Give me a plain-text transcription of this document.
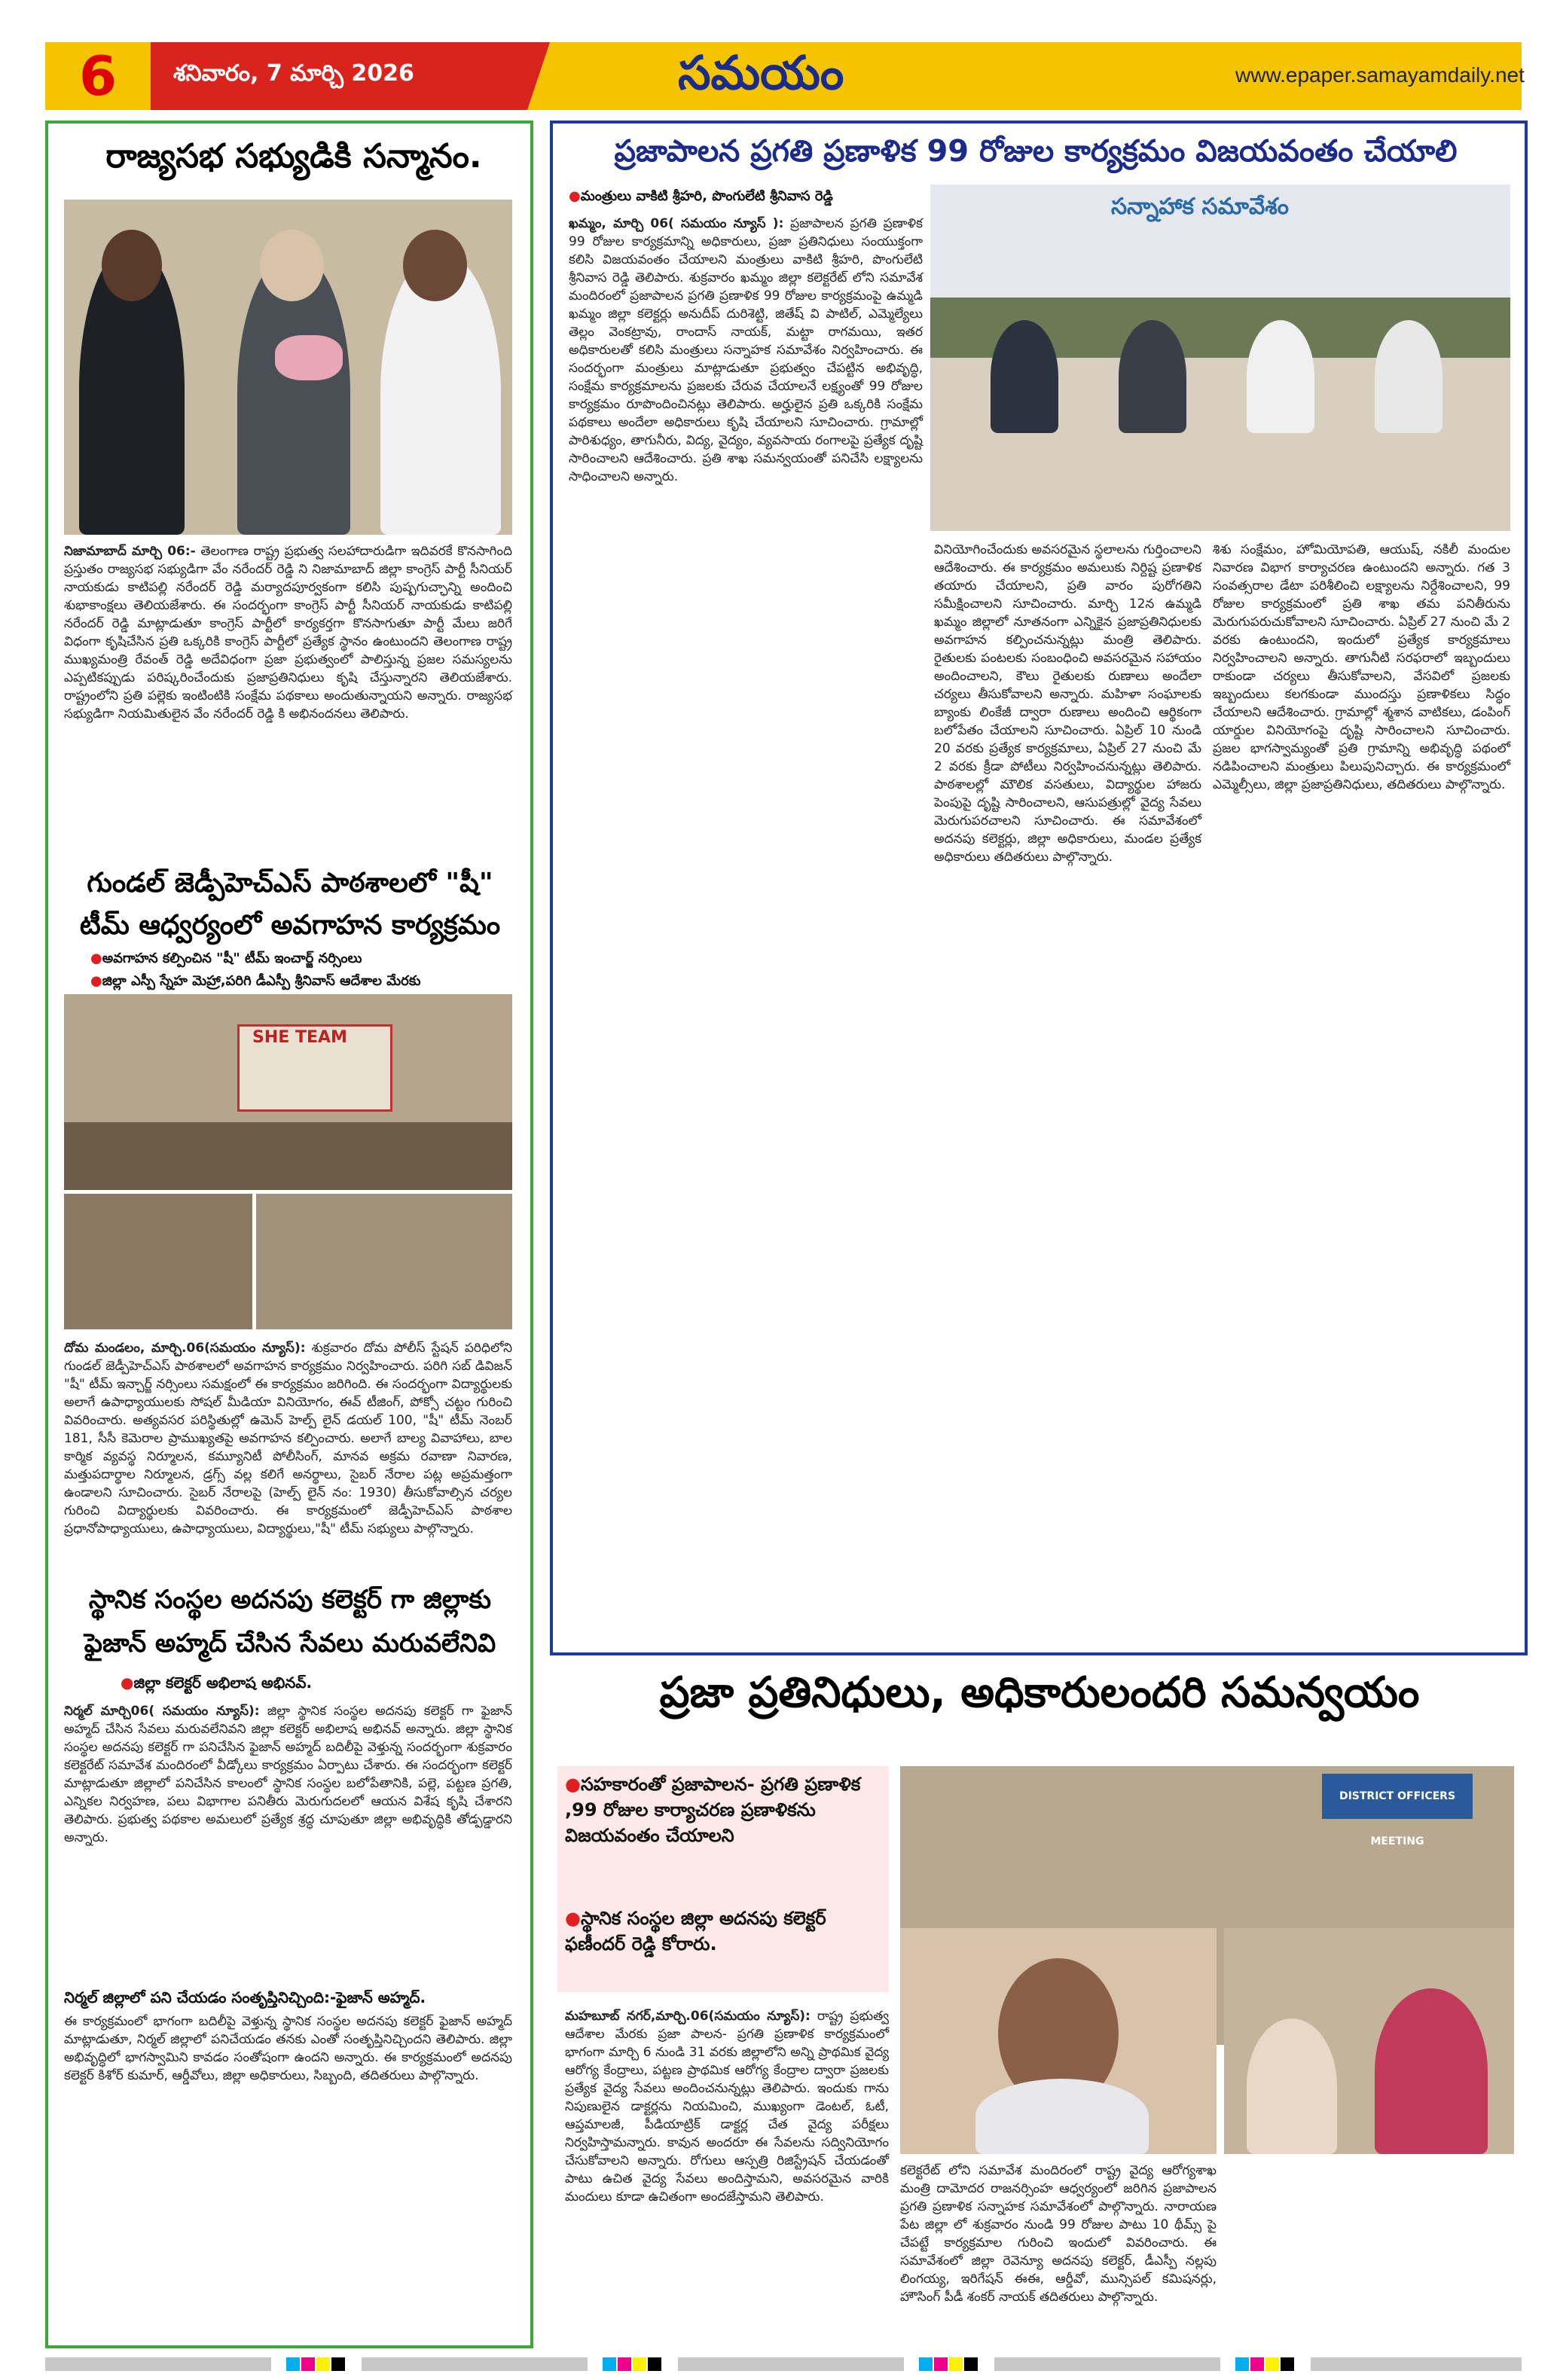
6	శనివారం, 7 మార్చి 2026	సమయం	www.epaper.samayamdaily.net
రాజ్యసభ సభ్యుడికి సన్మానం.
నిజామాబాద్ మార్చి 06:- తెలంగాణ రాష్ట్ర ప్రభుత్వ సలహాదారుడిగా ఇదివరకే కొనసాగింది ప్రస్తుతం రాజ్యసభ సభ్యుడిగా వేం నరేందర్ రెడ్డి ని నిజామాబాద్ జిల్లా కాంగ్రెస్ పార్టీ సీనియర్ నాయకుడు కాటిపల్లి నరేందర్ రెడ్డి మర్యాదపూర్వకంగా కలిసి పుష్పగుచ్ఛాన్ని అందించి శుభాకాంక్షలు తెలియజేశారు. ఈ సందర్భంగా కాంగ్రెస్ పార్టీ సీనియర్ నాయకుడు కాటిపల్లి నరేందర్ రెడ్డి మాట్లాడుతూ కాంగ్రెస్ పార్టీలో కార్యకర్తగా కొనసాగుతూ పార్టీ మేలు జరిగే విధంగా కృషిచేసిన ప్రతి ఒక్కరికి కాంగ్రెస్ పార్టీలో ప్రత్యేక స్థానం ఉంటుందని తెలంగాణ రాష్ట్ర ముఖ్యమంత్రి రేవంత్ రెడ్డి అదేవిధంగా ప్రజా ప్రభుత్వంలో పాలిస్తున్న ప్రజల సమస్యలను ఎప్పటికప్పుడు పరిష్కరించేందుకు ప్రజాప్రతినిధులు కృషి చేస్తున్నారని తెలియజేశారు. రాష్ట్రంలోని ప్రతి పల్లెకు ఇంటింటికి సంక్షేమ పథకాలు అందుతున్నాయని అన్నారు. రాజ్యసభ సభ్యుడిగా నియమితులైన వేం నరేందర్ రెడ్డి కి అభినందనలు తెలిపారు.
గుండల్ జెడ్పీహెచ్ఎస్ పాఠశాలలో "షీ" టీమ్ ఆధ్వర్యంలో అవగాహన కార్యక్రమం
● అవగాహన కల్పించిన "షీ" టీమ్ ఇంచార్జ్ నర్సింలు
● జిల్లా ఎస్పీ స్నేహ మెహ్రా,పరిగి డీఎస్పీ శ్రీనివాస్ ఆదేశాల మేరకు
SHE TEAM
దోమ మండలం, మార్చి.06(సమయం న్యూస్): శుక్రవారం దోమ పోలీస్ స్టేషన్ పరిధిలోని గుండల్ జెడ్పీహెచ్ఎస్ పాఠశాలలో అవగాహన కార్యక్రమం నిర్వహించారు. పరిగి సబ్ డివిజన్ "షీ" టీమ్ ఇన్చార్జ్ నర్సింలు సమక్షంలో ఈ కార్యక్రమం జరిగింది. ఈ సందర్భంగా విద్యార్థులకు అలాగే ఉపాధ్యాయులకు సోషల్ మీడియా వినియోగం, ఈవ్ టీజింగ్, పోక్సో చట్టం గురించి వివరించారు. అత్యవసర పరిస్థితుల్లో ఉమెన్ హెల్ప్ లైన్ డయల్ 100, "షీ" టీమ్ నెంబర్ 181, సీసీ కెమెరాల ప్రాముఖ్యతపై అవగాహన కల్పించారు. అలాగే బాల్య వివాహాలు, బాల కార్మిక వ్యవస్థ నిర్మూలన, కమ్యూనిటీ పోలీసింగ్, మానవ అక్రమ రవాణా నివారణ, మత్తుపదార్థాల నిర్మూలన, డ్రగ్స్ వల్ల కలిగే అనర్థాలు, సైబర్ నేరాల పట్ల అప్రమత్తంగా ఉండాలని సూచించారు. సైబర్ నేరాలపై (హెల్ప్ లైన్ నం: 1930) తీసుకోవాల్సిన చర్యల గురించి విద్యార్థులకు వివరించారు. ఈ కార్యక్రమంలో జెడ్పీహెచ్ఎస్ పాఠశాల ప్రధానోపాధ్యాయులు, ఉపాధ్యాయులు, విద్యార్థులు,"షీ" టీమ్ సభ్యులు పాల్గొన్నారు.
స్థానిక సంస్థల అదనపు కలెక్టర్ గా జిల్లాకు ఫైజాన్ అహ్మద్ చేసిన సేవలు మరువలేనివి
● జిల్లా కలెక్టర్ అభిలాష అభినవ్.
నిర్మల్ మార్చి06( సమయం న్యూస్): జిల్లా స్థానిక సంస్థల అదనపు కలెక్టర్ గా ఫైజాన్ అహ్మద్ చేసిన సేవలు మరువలేనివని జిల్లా కలెక్టర్ అభిలాష అభినవ్ అన్నారు. జిల్లా స్థానిక సంస్థల అదనపు కలెక్టర్ గా పనిచేసిన ఫైజాన్ అహ్మద్ బదిలీపై వెళ్తున్న సందర్భంగా శుక్రవారం కలెక్టరేట్ సమావేశ మందిరంలో వీడ్కోలు కార్యక్రమం ఏర్పాటు చేశారు. ఈ సందర్భంగా కలెక్టర్ మాట్లాడుతూ జిల్లాలో పనిచేసిన కాలంలో స్థానిక సంస్థల బలోపేతానికి, పల్లె, పట్టణ ప్రగతి, ఎన్నికల నిర్వహణ, పలు విభాగాల పనితీరు మెరుగుదలలో ఆయన విశేష కృషి చేశారని తెలిపారు. ప్రభుత్వ పథకాల అమలులో ప్రత్యేక శ్రద్ధ చూపుతూ జిల్లా అభివృద్ధికి తోడ్పడ్డారని అన్నారు.
నిర్మల్ జిల్లాలో పని చేయడం సంతృప్తినిచ్చింది:-ఫైజాన్ అహ్మద్.
ఈ కార్యక్రమంలో భాగంగా బదిలీపై వెళ్తున్న స్థానిక సంస్థల అదనపు కలెక్టర్ ఫైజాన్ అహ్మద్ మాట్లాడుతూ, నిర్మల్ జిల్లాలో పనిచేయడం తనకు ఎంతో సంతృప్తినిచ్చిందని తెలిపారు. జిల్లా అభివృద్ధిలో భాగస్వామిని కావడం సంతోషంగా ఉందని అన్నారు. ఈ కార్యక్రమంలో అదనపు కలెక్టర్ కిశోర్ కుమార్, ఆర్డీవోలు, జిల్లా అధికారులు, సిబ్బంది, తదితరులు పాల్గొన్నారు.
ప్రజాపాలన ప్రగతి ప్రణాళిక 99 రోజుల కార్యక్రమం విజయవంతం చేయాలి
● మంత్రులు వాకిటి శ్రీహరి, పొంగులేటి శ్రీనివాస రెడ్డి	సన్నాహాక సమావేశం
ఖమ్మం, మార్చి 06( సమయం న్యూస్ ): ప్రజాపాలన ప్రగతి ప్రణాళిక 99 రోజుల కార్యక్రమాన్ని అధికారులు, ప్రజా ప్రతినిధులు సంయుక్తంగా కలిసి విజయవంతం చేయాలని మంత్రులు వాకిటి శ్రీహరి, పొంగులేటి శ్రీనివాస రెడ్డి తెలిపారు. శుక్రవారం ఖమ్మం జిల్లా కలెక్టరేట్ లోని సమావేశ మందిరంలో ప్రజాపాలన ప్రగతి ప్రణాళిక 99 రోజుల కార్యక్రమంపై ఉమ్మడి ఖమ్మం జిల్లా కలెక్టర్లు అనుదీప్ దురిశెట్టి, జితేష్ వి పాటిల్, ఎమ్మెల్యేలు తెల్లం వెంకట్రావు, రాందాస్ నాయక్, మట్టా రాగమయి, ఇతర అధికారులతో కలిసి మంత్రులు సన్నాహక సమావేశం నిర్వహించారు. ఈ సందర్భంగా మంత్రులు మాట్లాడుతూ ప్రభుత్వం చేపట్టిన అభివృద్ధి, సంక్షేమ కార్యక్రమాలను ప్రజలకు చేరువ చేయాలనే లక్ష్యంతో 99 రోజుల కార్యక్రమం రూపొందించినట్లు తెలిపారు. అర్హులైన ప్రతి ఒక్కరికి సంక్షేమ పథకాలు అందేలా అధికారులు కృషి చేయాలని సూచించారు. గ్రామాల్లో పారిశుధ్యం, తాగునీరు, విద్య, వైద్యం, వ్యవసాయ రంగాలపై ప్రత్యేక దృష్టి సారించాలని ఆదేశించారు. ప్రతి శాఖ సమన్వయంతో పనిచేసి లక్ష్యాలను సాధించాలని అన్నారు.
వినియోగించేందుకు అవసరమైన స్థలాలను గుర్తించాలని ఆదేశించారు. ఈ కార్యక్రమం అమలుకు నిర్దిష్ట ప్రణాళిక తయారు చేయాలని, ప్రతి వారం పురోగతిని సమీక్షించాలని సూచించారు. మార్చి 12న ఉమ్మడి ఖమ్మం జిల్లాలో నూతనంగా ఎన్నికైన ప్రజాప్రతినిధులకు అవగాహన కల్పించనున్నట్లు మంత్రి తెలిపారు. రైతులకు పంటలకు సంబంధించి అవసరమైన సహాయం అందించాలని, కౌలు రైతులకు రుణాలు అందేలా చర్యలు తీసుకోవాలని అన్నారు. మహిళా సంఘాలకు బ్యాంకు లింకేజీ ద్వారా రుణాలు అందించి ఆర్థికంగా బలోపేతం చేయాలని సూచించారు. ఏప్రిల్ 10 నుండి 20 వరకు ప్రత్యేక కార్యక్రమాలు, ఏప్రిల్ 27 నుంచి మే 2 వరకు క్రీడా పోటీలు నిర్వహించనున్నట్లు తెలిపారు. పాఠశాలల్లో మౌలిక వసతులు, విద్యార్థుల హాజరు పెంపుపై దృష్టి సారించాలని, ఆసుపత్రుల్లో వైద్య సేవలు మెరుగుపరచాలని సూచించారు. ఈ సమావేశంలో అదనపు కలెక్టర్లు, జిల్లా అధికారులు, మండల ప్రత్యేక అధికారులు తదితరులు పాల్గొన్నారు.
శిశు సంక్షేమం, హోమియోపతి, ఆయుష్, నకిలీ మందుల నివారణ విభాగ కార్యాచరణ ఉంటుందని అన్నారు. గత 3 సంవత్సరాల డేటా పరిశీలించి లక్ష్యాలను నిర్దేశించాలని, 99 రోజుల కార్యక్రమంలో ప్రతి శాఖ తమ పనితీరును మెరుగుపరుచుకోవాలని సూచించారు. ఏప్రిల్ 27 నుంచి మే 2 వరకు ఉంటుందని, ఇందులో ప్రత్యేక కార్యక్రమాలు నిర్వహించాలని అన్నారు. తాగునీటి సరఫరాలో ఇబ్బందులు రాకుండా చర్యలు తీసుకోవాలని, వేసవిలో ప్రజలకు ఇబ్బందులు కలగకుండా ముందస్తు ప్రణాళికలు సిద్ధం చేయాలని ఆదేశించారు. గ్రామాల్లో శ్మశాన వాటికలు, డంపింగ్ యార్డుల వినియోగంపై దృష్టి సారించాలని సూచించారు. ప్రజల భాగస్వామ్యంతో ప్రతి గ్రామాన్ని అభివృద్ధి పథంలో నడిపించాలని మంత్రులు పిలుపునిచ్చారు. ఈ కార్యక్రమంలో ఎమ్మెల్సీలు, జిల్లా ప్రజాప్రతినిధులు, తదితరులు పాల్గొన్నారు.
ప్రజా ప్రతినిధులు, అధికారులందరి సమన్వయం
● సహకారంతో ప్రజాపాలన- ప్రగతి ప్రణాళిక ,99 రోజుల కార్యాచరణ ప్రణాళికను విజయవంతం చేయాలని
● స్థానిక సంస్థల జిల్లా అదనపు కలెక్టర్ ఫణీందర్ రెడ్డి కోరారు.
DISTRICT OFFICERS MEETING
మహబూబ్ నగర్,మార్చి.06(సమయం న్యూస్): రాష్ట్ర ప్రభుత్వ ఆదేశాల మేరకు ప్రజా పాలన- ప్రగతి ప్రణాళిక కార్యక్రమంలో భాగంగా మార్చి 6 నుండి 31 వరకు జిల్లాలోని అన్ని ప్రాథమిక వైద్య ఆరోగ్య కేంద్రాలు, పట్టణ ప్రాథమిక ఆరోగ్య కేంద్రాల ద్వారా ప్రజలకు ప్రత్యేక వైద్య సేవలు అందించనున్నట్లు తెలిపారు. ఇందుకు గాను నిపుణులైన డాక్టర్లను నియమించి, ముఖ్యంగా డెంటల్, ఓటీ, ఆప్తమాలజీ, పీడియాట్రిక్ డాక్టర్ల చేత వైద్య పరీక్షలు నిర్వహిస్తామన్నారు. కావున అందరూ ఈ సేవలను సద్వినియోగం చేసుకోవాలని అన్నారు. రోగులు ఆస్పత్రి రిజిస్ట్రేషన్ చేయడంతో పాటు ఉచిత వైద్య సేవలు అందిస్తామని, అవసరమైన వారికి మందులు కూడా ఉచితంగా అందజేస్తామని తెలిపారు.
కలెక్టరేట్ లోని సమావేశ మందిరంలో రాష్ట్ర వైద్య ఆరోగ్యశాఖ మంత్రి దామోదర రాజనర్సింహ ఆధ్వర్యంలో జరిగిన ప్రజాపాలన ప్రగతి ప్రణాళిక సన్నాహక సమావేశంలో పాల్గొన్నారు. నారాయణ పేట జిల్లా లో శుక్రవారం నుండి 99 రోజుల పాటు 10 థీమ్స్ పై చేపట్టే కార్యక్రమాల గురించి ఇందులో వివరించారు. ఈ సమావేశంలో జిల్లా రెవెన్యూ అదనపు కలెక్టర్, డీఎస్పీ నల్లపు లింగయ్య, ఇరిగేషన్ ఈఈ, ఆర్డీవో, మున్సిపల్ కమిషనర్లు, హౌసింగ్ పీడీ శంకర్ నాయక్ తదితరులు పాల్గొన్నారు.
